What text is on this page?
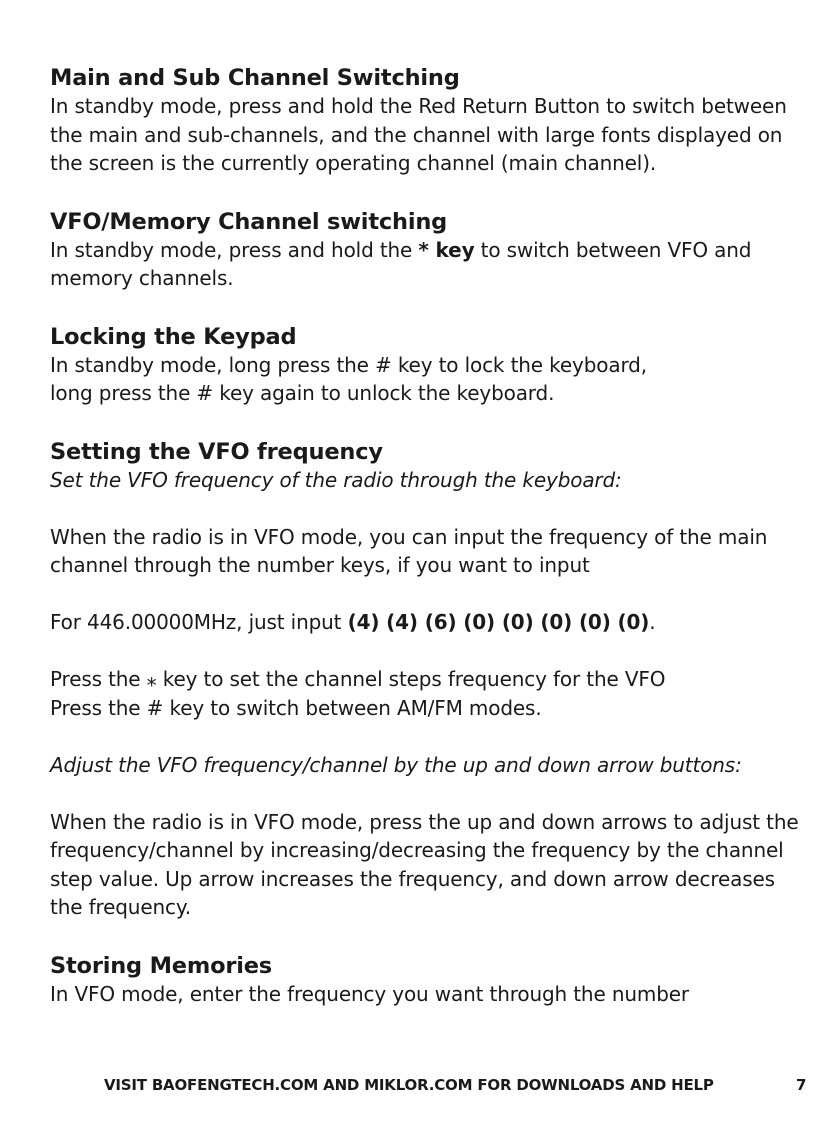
Main and Sub Channel Switching

In standby mode, press and hold the Red Return Button to switch between the main and sub-channels, and the channel with large fonts displayed on the screen is the currently operating channel (main channel).

VFO/Memory Channel switching

In standby mode, press and hold the * key to switch between VFO and memory channels.

Locking the Keypad

In standby mode, long press the # key to lock the keyboard,

long press the # key again to unlock the keyboard.

Setting the VFO frequency

Set the VFO frequency of the radio through the keyboard:

When the radio is in VFO mode, you can input the frequency of the main channel through the number keys, if you want to input

For 446.00000MHz, just input (4) (4) (6) (0) (0) (0) (0) (0).

Press the ⁎ key to set the channel steps frequency for the VFO

Press the # key to switch between AM/FM modes.

Adjust the VFO frequency/channel by the up and down arrow buttons:

When the radio is in VFO mode, press the up and down arrows to adjust the frequency/channel by increasing/decreasing the frequency by the channel step value. Up arrow increases the frequency, and down arrow decreases the frequency.

Storing Memories

In VFO mode, enter the frequency you want through the number

VISIT BAOFENGTECH.COM AND MIKLOR.COM FOR DOWNLOADS AND HELP	7
